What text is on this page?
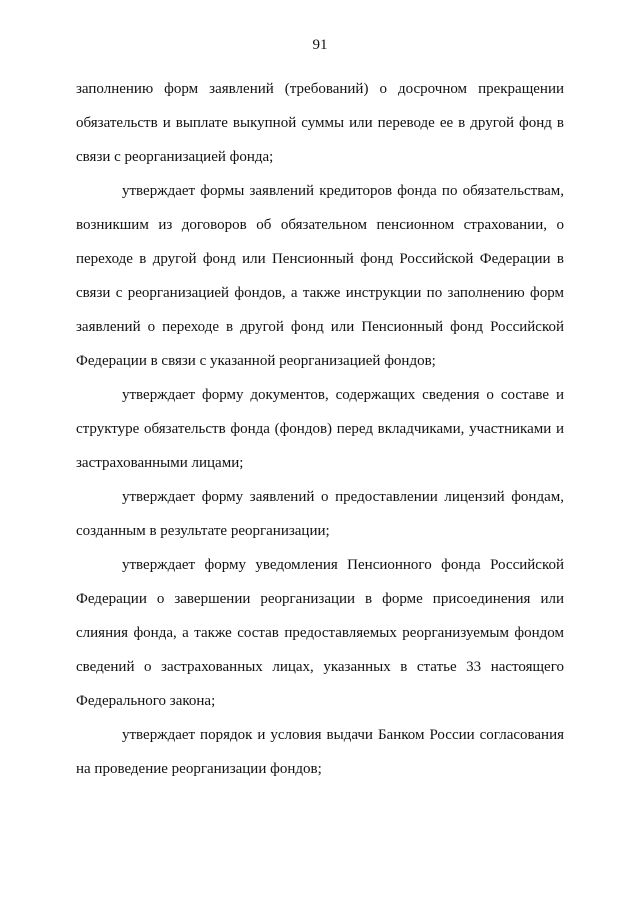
91

заполнению форм заявлений (требований) о досрочном прекращении обязательств и выплате выкупной суммы или переводе ее в другой фонд в связи с реорганизацией фонда;

утверждает формы заявлений кредиторов фонда по обязательствам, возникшим из договоров об обязательном пенсионном страховании, о переходе в другой фонд или Пенсионный фонд Российской Федерации в связи с реорганизацией фондов, а также инструкции по заполнению форм заявлений о переходе в другой фонд или Пенсионный фонд Российской Федерации в связи с указанной реорганизацией фондов;

утверждает форму документов, содержащих сведения о составе и структуре обязательств фонда (фондов) перед вкладчиками, участниками и застрахованными лицами;

утверждает форму заявлений о предоставлении лицензий фондам, созданным в результате реорганизации;

утверждает форму уведомления Пенсионного фонда Российской Федерации о завершении реорганизации в форме присоединения или слияния фонда, а также состав предоставляемых реорганизуемым фондом сведений о застрахованных лицах, указанных в статье 33 настоящего Федерального закона;

утверждает порядок и условия выдачи Банком России согласования на проведение реорганизации фондов;
